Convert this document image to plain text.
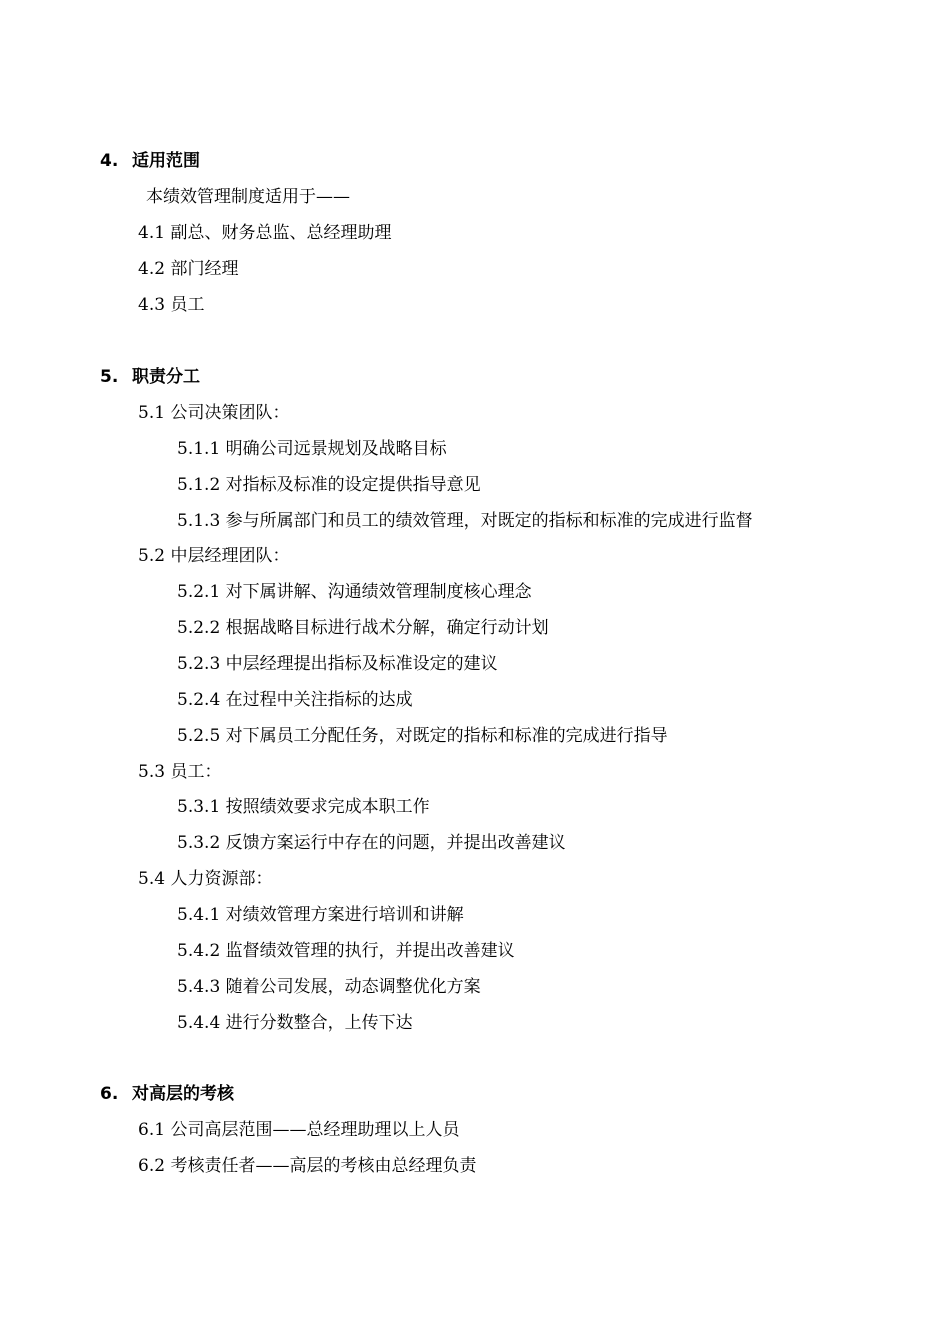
4. 适用范围
本绩效管理制度适用于——
4.1 副总、财务总监、总经理助理
4.2 部门经理
4.3 员工
5. 职责分工
5.1 公司决策团队：
5.1.1 明确公司远景规划及战略目标
5.1.2 对指标及标准的设定提供指导意见
5.1.3 参与所属部门和员工的绩效管理，对既定的指标和标准的完成进行监督
5.2 中层经理团队：
5.2.1 对下属讲解、沟通绩效管理制度核心理念
5.2.2 根据战略目标进行战术分解，确定行动计划
5.2.3 中层经理提出指标及标准设定的建议
5.2.4 在过程中关注指标的达成
5.2.5 对下属员工分配任务，对既定的指标和标准的完成进行指导
5.3 员工：
5.3.1 按照绩效要求完成本职工作
5.3.2 反馈方案运行中存在的问题，并提出改善建议
5.4 人力资源部：
5.4.1 对绩效管理方案进行培训和讲解
5.4.2 监督绩效管理的执行，并提出改善建议
5.4.3 随着公司发展，动态调整优化方案
5.4.4 进行分数整合，上传下达
6. 对高层的考核
6.1 公司高层范围——总经理助理以上人员
6.2 考核责任者——高层的考核由总经理负责
